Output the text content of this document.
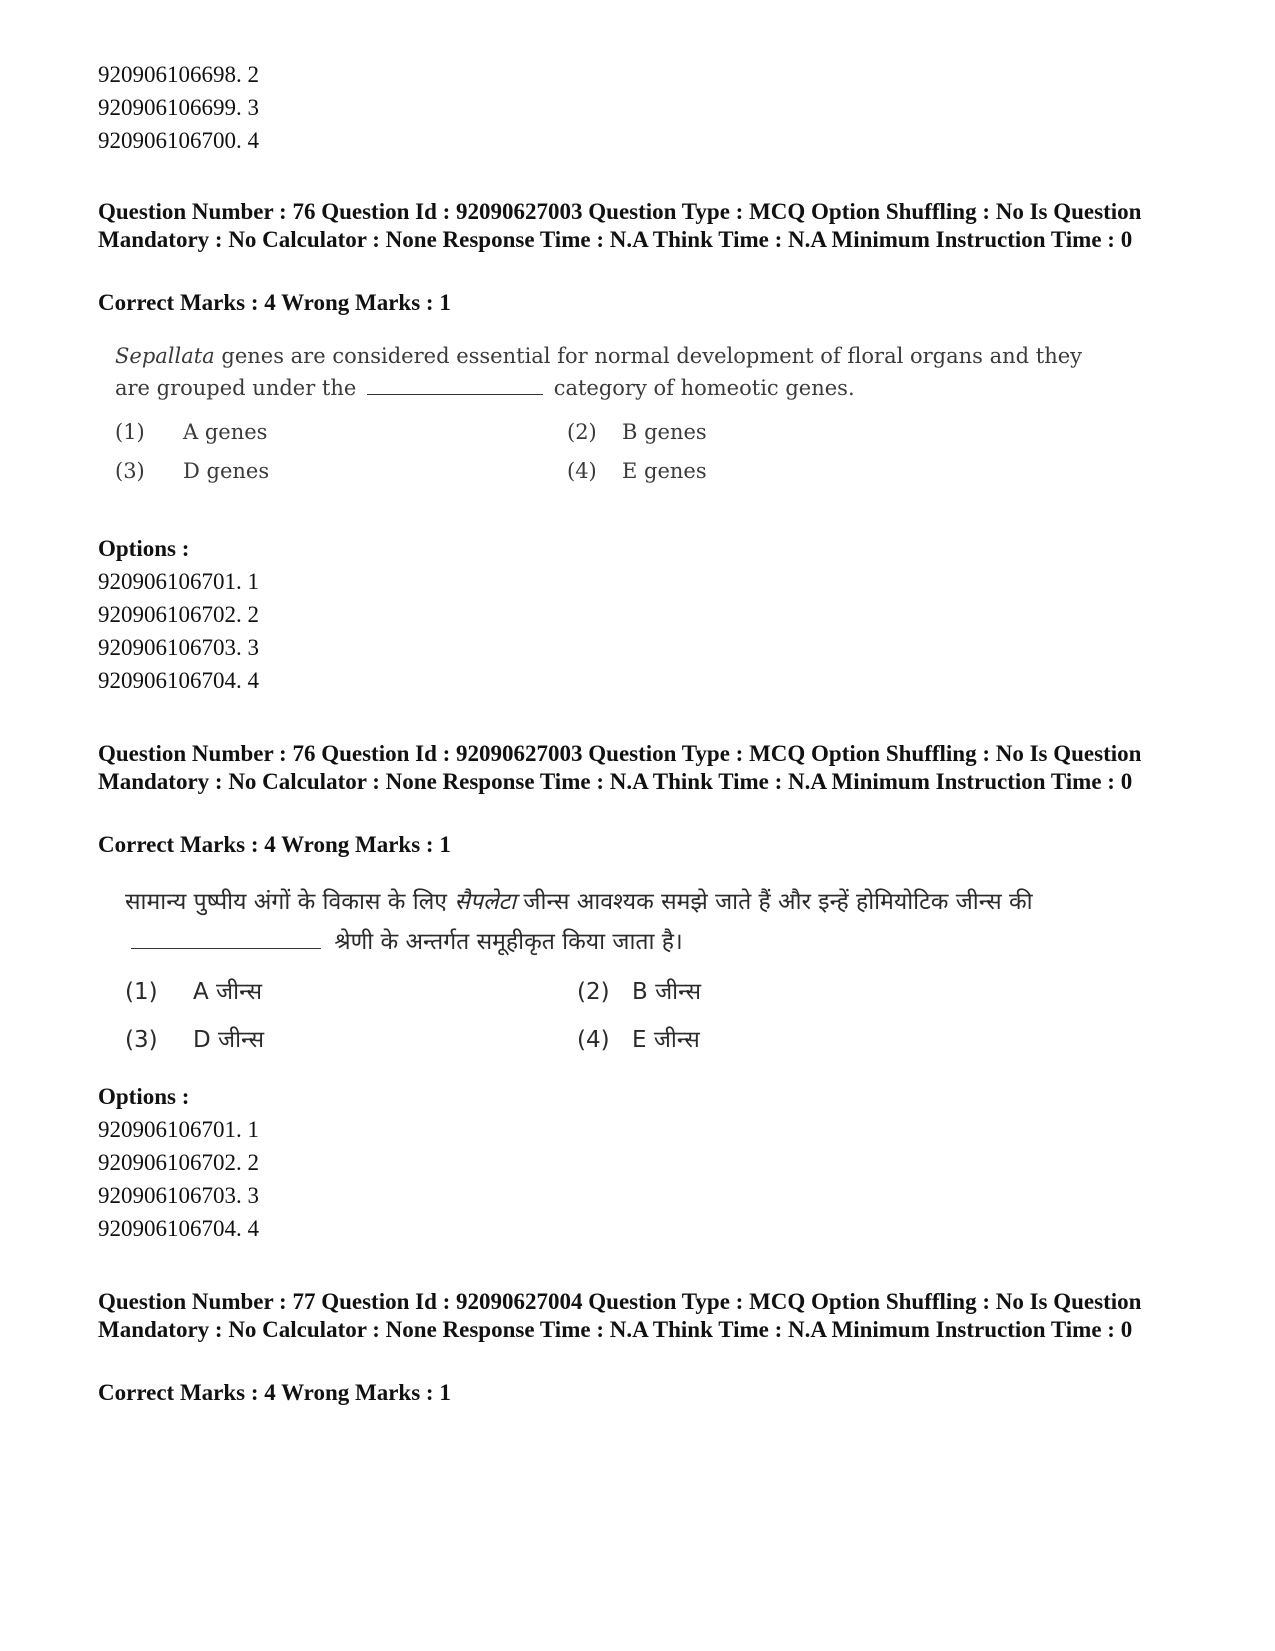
920906106698. 2
920906106699. 3
920906106700. 4
Question Number : 76 Question Id : 92090627003 Question Type : MCQ Option Shuffling : No Is Question Mandatory : No Calculator : None Response Time : N.A Think Time : N.A Minimum Instruction Time : 0
Correct Marks : 4 Wrong Marks : 1
Sepallata genes are considered essential for normal development of floral organs and they are grouped under the	category of homeotic genes.
(1) A genes	(2) B genes
(3) D genes	(4) E genes
Options :
920906106701. 1
920906106702. 2
920906106703. 3
920906106704. 4
Question Number : 76 Question Id : 92090627003 Question Type : MCQ Option Shuffling : No Is Question Mandatory : No Calculator : None Response Time : N.A Think Time : N.A Minimum Instruction Time : 0
Correct Marks : 4 Wrong Marks : 1
सामान्य पुष्पीय अंगों के विकास के लिए सैपलेटा जीन्स आवश्यक समझे जाते हैं और इन्हें होमियोटिक जीन्स की  श्रेणी के अन्तर्गत समूहीकृत किया जाता है।
(1) A जीन्स	(2) B जीन्स
(3) D जीन्स	(4) E जीन्स
Options :
920906106701. 1
920906106702. 2
920906106703. 3
920906106704. 4
Question Number : 77 Question Id : 92090627004 Question Type : MCQ Option Shuffling : No Is Question Mandatory : No Calculator : None Response Time : N.A Think Time : N.A Minimum Instruction Time : 0
Correct Marks : 4 Wrong Marks : 1
